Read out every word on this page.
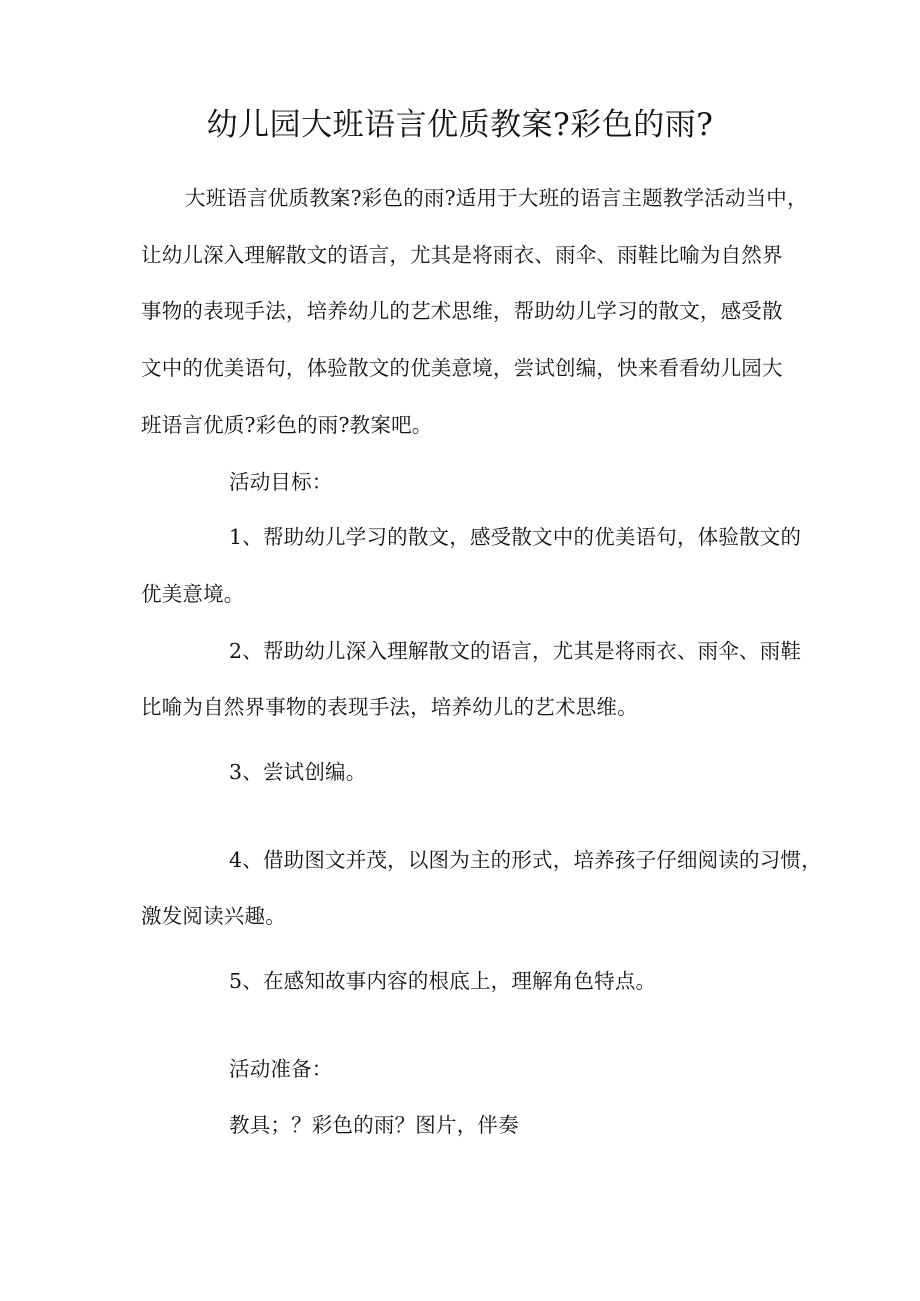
幼儿园大班语言优质教案?彩色的雨?
大班语言优质教案?彩色的雨?适用于大班的语言主题教学活动当中，
让幼儿深入理解散文的语言，尤其是将雨衣、雨伞、雨鞋比喻为自然界
事物的表现手法，培养幼儿的艺术思维，帮助幼儿学习的散文，感受散
文中的优美语句，体验散文的优美意境，尝试创编，快来看看幼儿园大
班语言优质?彩色的雨?教案吧。
活动目标：
1、帮助幼儿学习的散文，感受散文中的优美语句，体验散文的
优美意境。
2、帮助幼儿深入理解散文的语言，尤其是将雨衣、雨伞、雨鞋
比喻为自然界事物的表现手法，培养幼儿的艺术思维。
3、尝试创编。
4、借助图文并茂，以图为主的形式，培养孩子仔细阅读的习惯，
激发阅读兴趣。
5、在感知故事内容的根底上，理解角色特点。
活动准备：
教具；？彩色的雨？图片，伴奏
